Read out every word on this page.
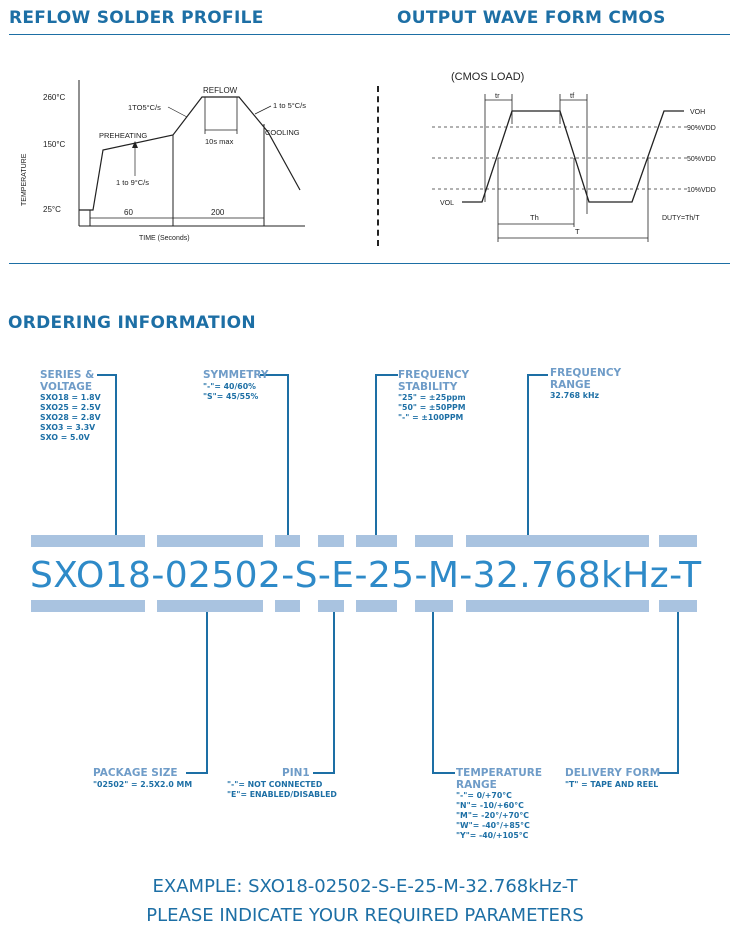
REFLOW SOLDER PROFILE	OUTPUT WAVE FORM CMOS
TEMPERATURE
260°C
150°C
25°C	60	200
TIME (Seconds)
10s max
REFLOW
1TO5°C/s	1 to 5°C/s
PREHEATING	COOLING
1 to 9°C/s
(CMOS LOAD)
tr	tf
Th
T
VOH
90%VDD
50%VDD
10%VDD
VOL
DUTY=Th/T
ORDERING INFORMATION
SXO18-02502-S-E-25-M-32.768kHz-T
SERIES &
VOLTAGE
SXO18 = 1.8V
SXO25 = 2.5V
SXO28 = 2.8V
SXO3 = 3.3V
SXO = 5.0V
SYMMETRY
"-"= 40/60%
"S"= 45/55%
FREQUENCY
STABILITY
"25" = ±25ppm
"50" = ±50PPM
"-" = ±100PPM
FREQUENCY
RANGE
32.768 kHz
PACKAGE SIZE
"02502" = 2.5X2.0 MM
PIN1
"-"= NOT CONNECTED
"E"= ENABLED/DISABLED
TEMPERATURE
RANGE
"-"= 0/+70°C
"N"= -10/+60°C
"M"= -20°/+70°C
"W"= -40°/+85°C
"Y"= -40/+105°C
DELIVERY FORM
"T" = TAPE AND REEL
EXAMPLE: SXO18-02502-S-E-25-M-32.768kHz-T
PLEASE INDICATE YOUR REQUIRED PARAMETERS
